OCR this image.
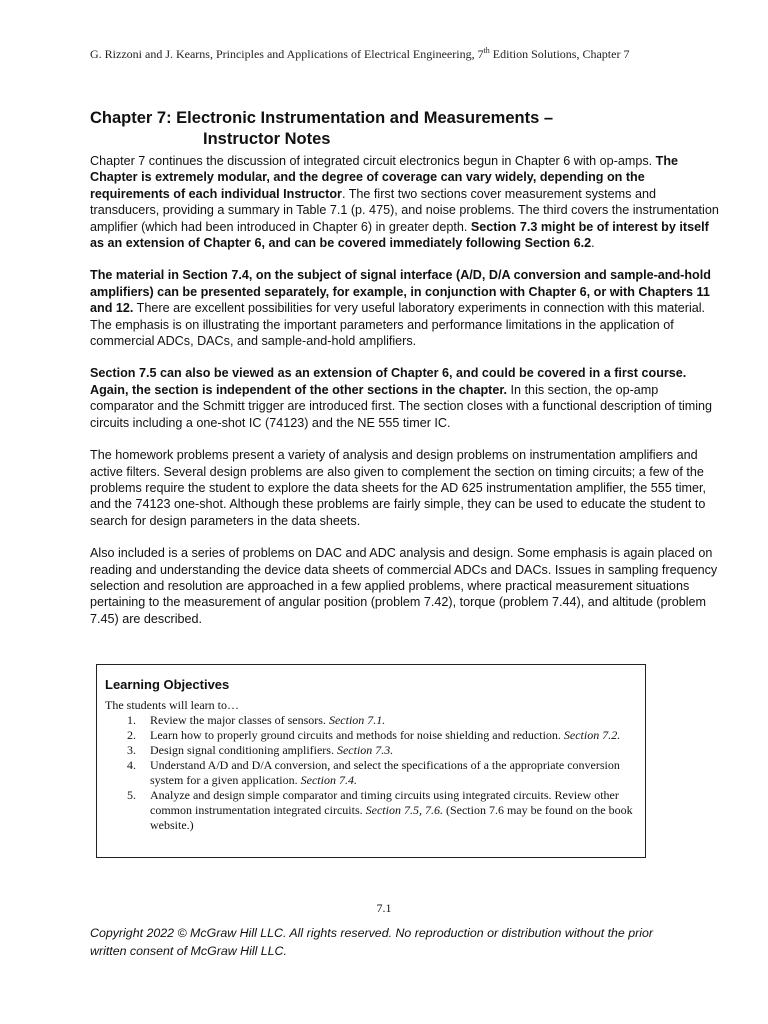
G. Rizzoni and J. Kearns, Principles and Applications of Electrical Engineering, 7th Edition Solutions, Chapter 7
Chapter 7: Electronic Instrumentation and Measurements –
Instructor Notes

Chapter 7 continues the discussion of integrated circuit electronics begun in Chapter 6 with op-amps. The Chapter is extremely modular, and the degree of coverage can vary widely, depending on the requirements of each individual Instructor. The first two sections cover measurement systems and transducers, providing a summary in Table 7.1 (p. 475), and noise problems. The third covers the instrumentation amplifier (which had been introduced in Chapter 6) in greater depth. Section 7.3 might be of interest by itself as an extension of Chapter 6, and can be covered immediately following Section 6.2.

The material in Section 7.4, on the subject of signal interface (A/D, D/A conversion and sample-and-hold amplifiers) can be presented separately, for example, in conjunction with Chapter 6, or with Chapters 11 and 12. There are excellent possibilities for very useful laboratory experiments in connection with this material. The emphasis is on illustrating the important parameters and performance limitations in the application of commercial ADCs, DACs, and sample-and-hold amplifiers.

Section 7.5 can also be viewed as an extension of Chapter 6, and could be covered in a first course. Again, the section is independent of the other sections in the chapter. In this section, the op-amp comparator and the Schmitt trigger are introduced first. The section closes with a functional description of timing circuits including a one-shot IC (74123) and the NE 555 timer IC.

The homework problems present a variety of analysis and design problems on instrumentation amplifiers and active filters. Several design problems are also given to complement the section on timing circuits; a few of the problems require the student to explore the data sheets for the AD 625 instrumentation amplifier, the 555 timer, and the 74123 one-shot. Although these problems are fairly simple, they can be used to educate the student to search for design parameters in the data sheets.

Also included is a series of problems on DAC and ADC analysis and design. Some emphasis is again placed on reading and understanding the device data sheets of commercial ADCs and DACs. Issues in sampling frequency selection and resolution are approached in a few applied problems, where practical measurement situations pertaining to the measurement of angular position (problem 7.42), torque (problem 7.44), and altitude (problem 7.45) are described.

Learning Objectives
The students will learn to…
1.	Review the major classes of sensors. Section 7.1.
2.	Learn how to properly ground circuits and methods for noise shielding and reduction. Section 7.2.
3.	Design signal conditioning amplifiers. Section 7.3.
4.	Understand A/D and D/A conversion, and select the specifications of a the appropriate conversion system for a given application. Section 7.4.
5.	Analyze and design simple comparator and timing circuits using integrated circuits. Review other common instrumentation integrated circuits. Section 7.5, 7.6. (Section 7.6 may be found on the book website.)
7.1
Copyright 2022 © McGraw Hill LLC. All rights reserved. No reproduction or distribution without the prior
written consent of McGraw Hill LLC.
